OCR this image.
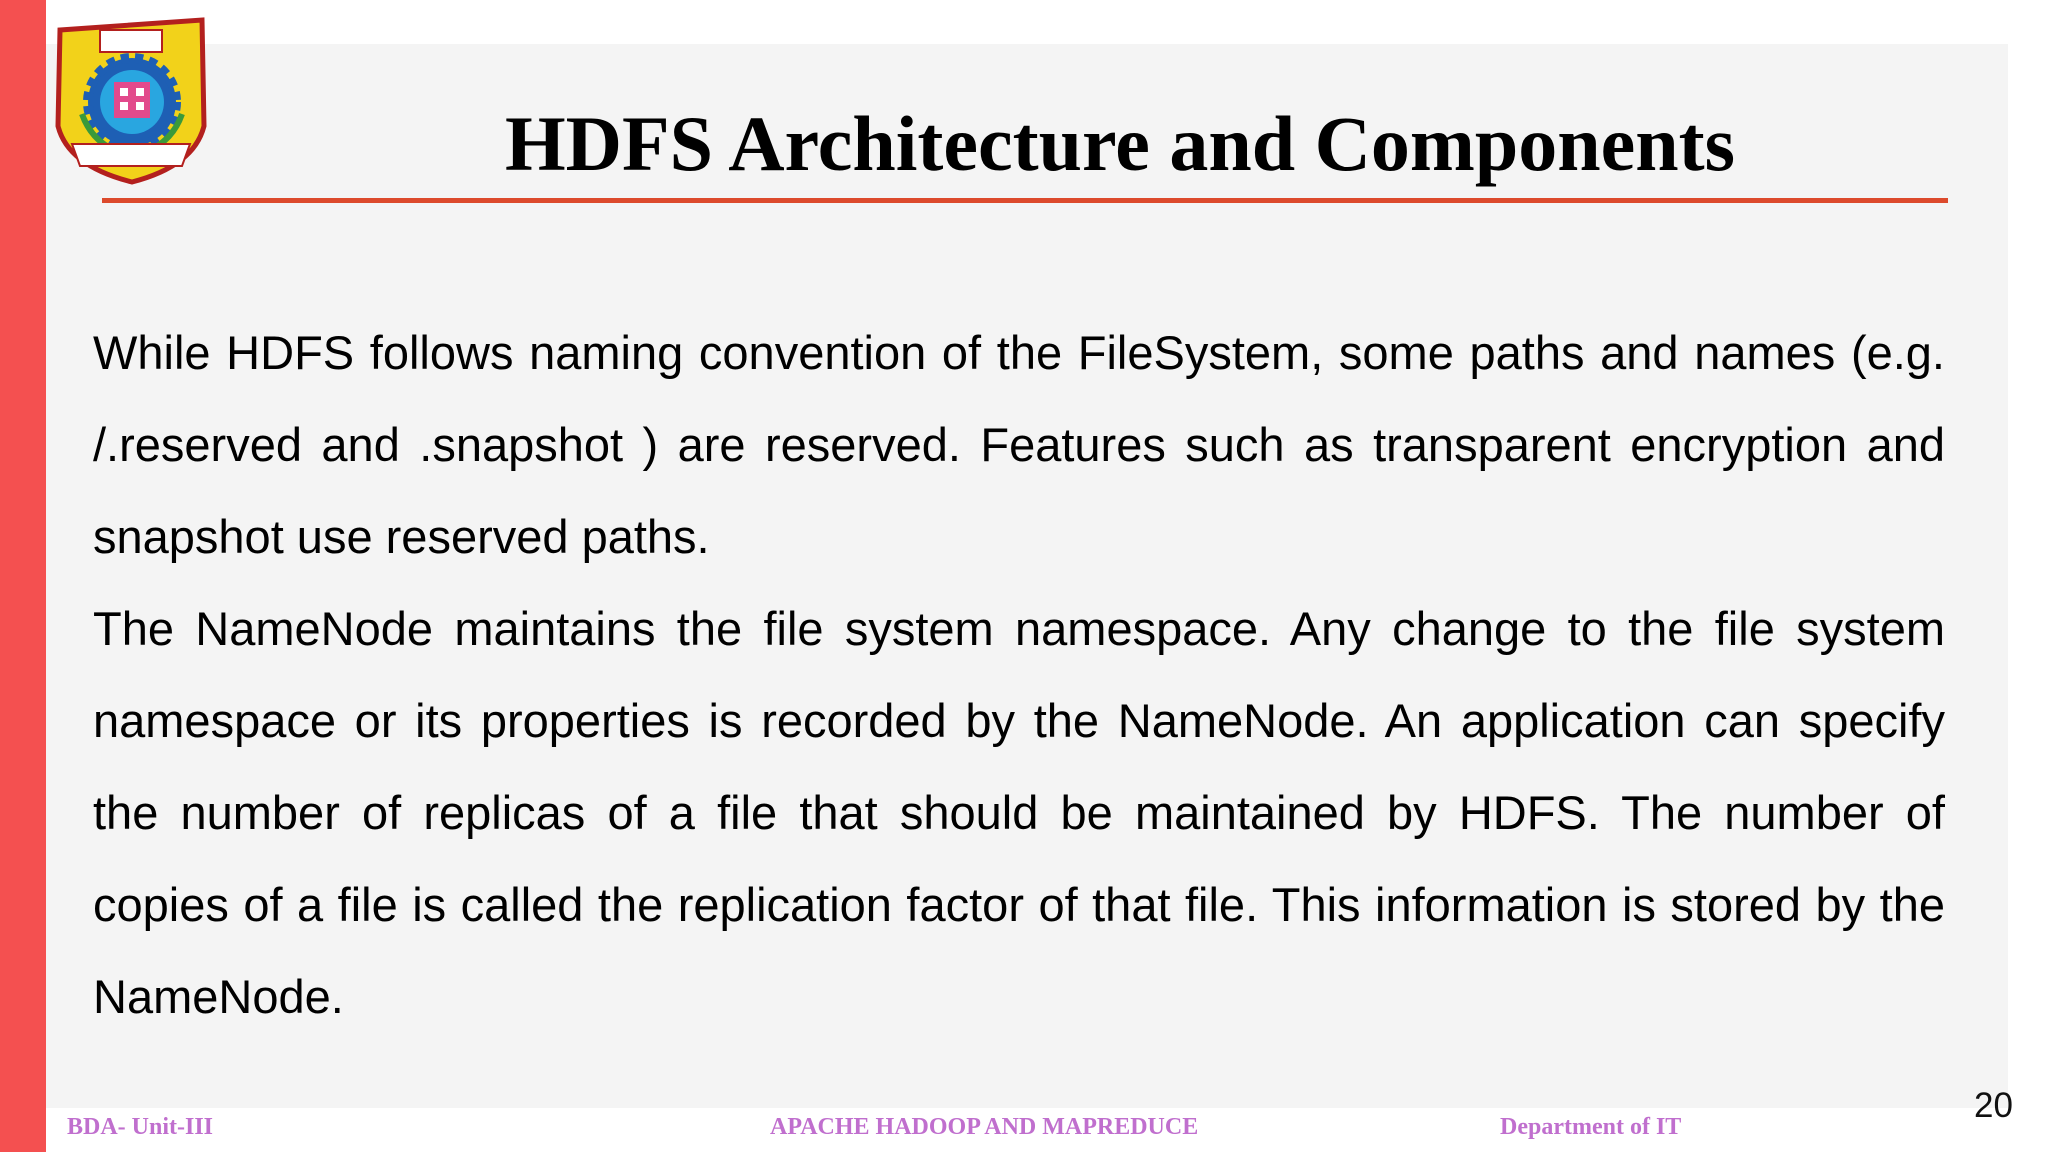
HDFS Architecture and Components

While HDFS follows naming convention of the FileSystem, some paths and names (e.g. /.reserved and .snapshot ) are reserved. Features such as transparent encryption and snapshot use reserved paths.

The NameNode maintains the file system namespace. Any change to the file system namespace or its properties is recorded by the NameNode. An application can specify the number of replicas of a file that should be maintained by HDFS. The number of copies of a file is called the replication factor of that file. This information is stored by the NameNode.

BDA- Unit-III	APACHE HADOOP AND MAPREDUCE	Department of IT
20
